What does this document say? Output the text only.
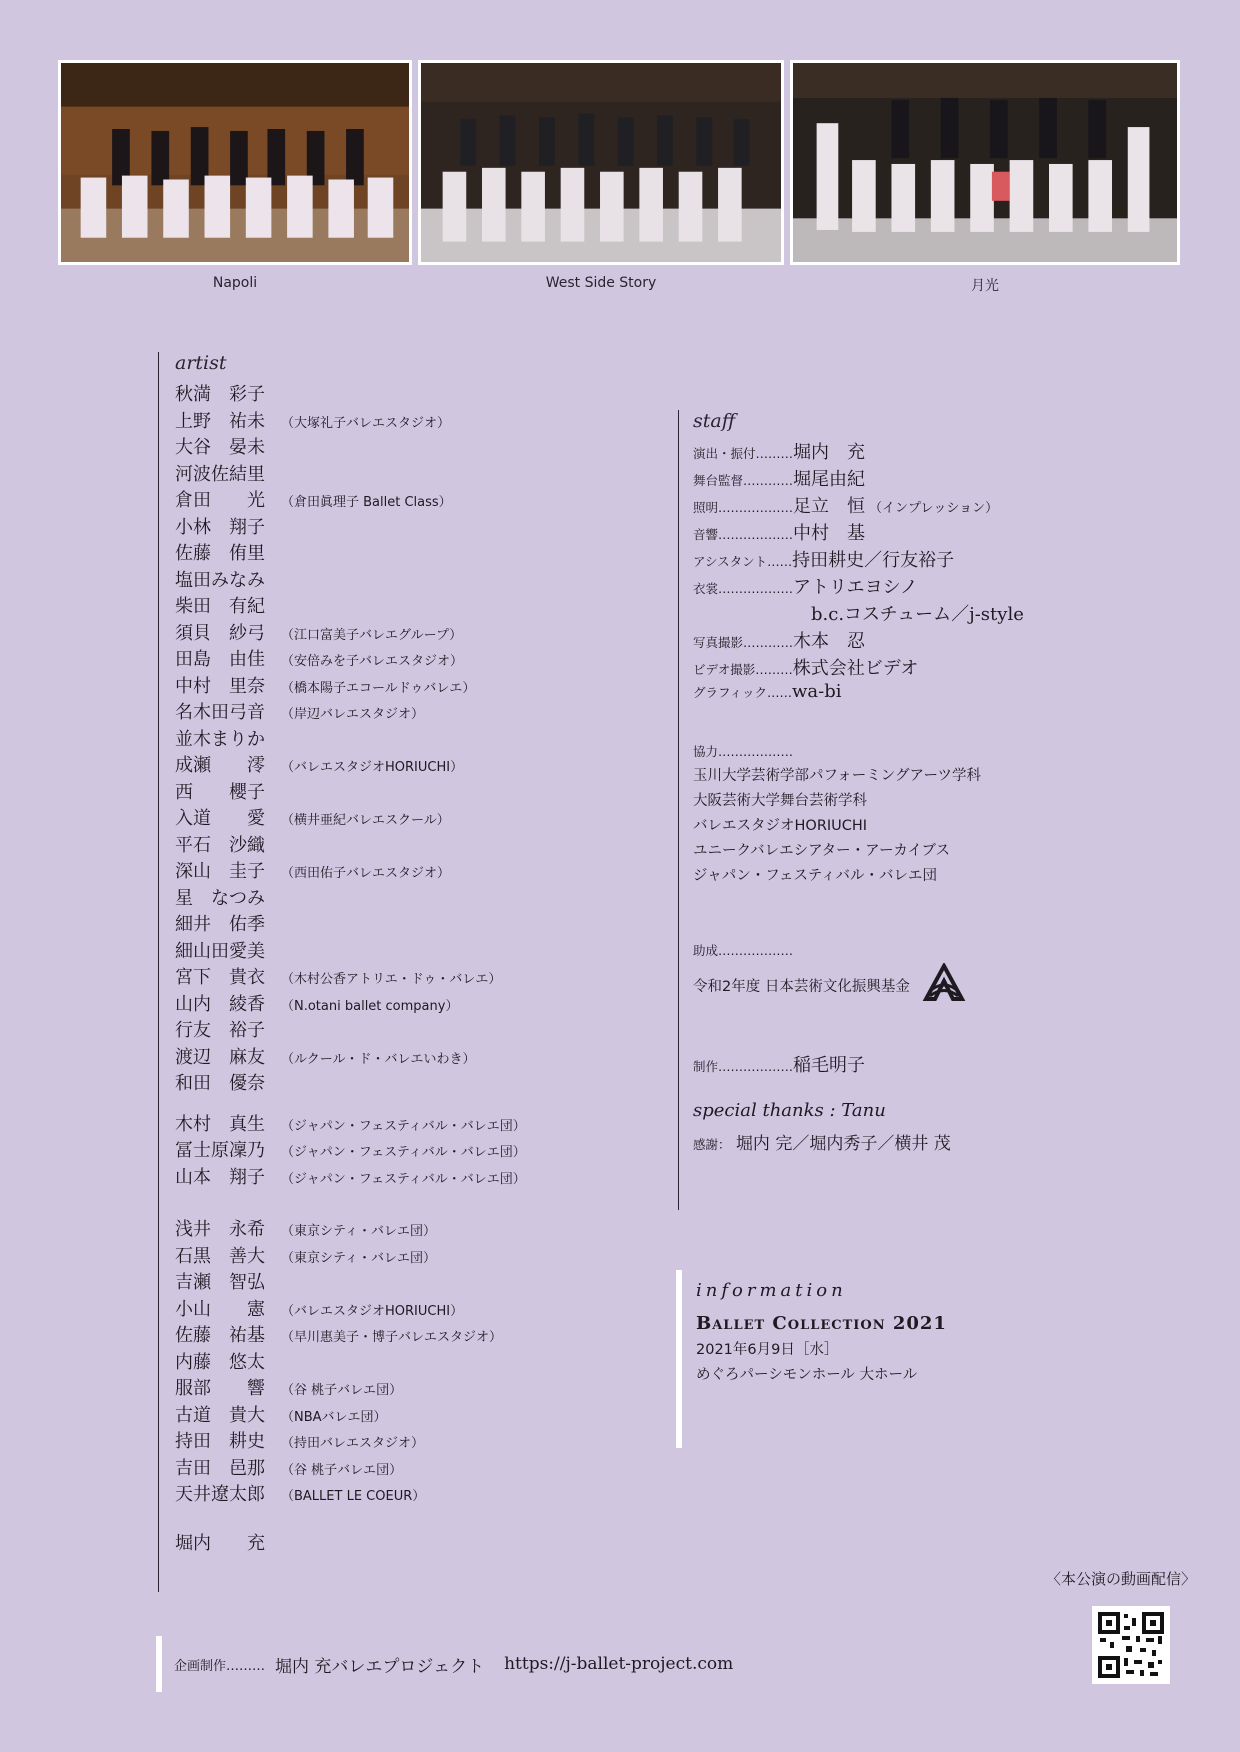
Napoli	West Side Story	月光
artist
秋満　彩子
上野　祐未	（大塚礼子バレエスタジオ）
大谷　晏未
河波佐結里
倉田　　光	（倉田眞理子 Ballet Class）
小林　翔子
佐藤　侑里
塩田みなみ
柴田　有紀
須貝　紗弓	（江口富美子バレエグループ）
田島　由佳	（安倍みを子バレエスタジオ）
中村　里奈	（橋本陽子エコールドゥバレエ）
名木田弓音	（岸辺バレエスタジオ）
並木まりか
成瀬　　澪	（バレエスタジオHORIUCHI）
西　　櫻子
入道　　愛	（横井亜紀バレエスクール）
平石　沙織
深山　圭子	（西田佑子バレエスタジオ）
星　なつみ
細井　佑季
細山田愛美
宮下　貴衣	（木村公香アトリエ・ドゥ・バレエ）
山内　綾香	（N.otani ballet company）
行友　裕子
渡辺　麻友	（ルクール・ド・バレエいわき）
和田　優奈
木村　真生	（ジャパン・フェスティバル・バレエ団）
冨士原凜乃	（ジャパン・フェスティバル・バレエ団）
山本　翔子	（ジャパン・フェスティバル・バレエ団）
浅井　永希	（東京シティ・バレエ団）
石黒　善大	（東京シティ・バレエ団）
吉瀬　智弘
小山　　憲	（バレエスタジオHORIUCHI）
佐藤　祐基	（早川惠美子・博子バレエスタジオ）
内藤　悠太
服部　　響	（谷 桃子バレエ団）
古道　貴大	（NBAバレエ団）
持田　耕史	（持田バレエスタジオ）
吉田　邑那	（谷 桃子バレエ団）
天井遼太郎	（BALLET LE COEUR）
堀内　　充
staff
演出・振付……… 堀内　充
舞台監督………… 堀尾由紀
照明……………… 足立　恒 （インプレッション）
音響……………… 中村　基
アシスタント…… 持田耕史／行友裕子
衣裳……………… アトリエヨシノ
b.c.コスチューム／j-style
写真撮影………… 木本　忍
ビデオ撮影……… 株式会社ビデオ
グラフィック…… wa-bi
協力………………
玉川大学芸術学部パフォーミングアーツ学科
大阪芸術大学舞台芸術学科
バレエスタジオHORIUCHI
ユニークバレエシアター・アーカイブス
ジャパン・フェスティバル・バレエ団
助成………………
令和2年度 日本芸術文化振興基金
制作……………… 稲毛明子
special thanks : Tanu
感謝： 堀内 完／堀内秀子／横井 茂
information
Ballet Collection 2021
2021年6月9日［水］
めぐろパーシモンホール 大ホール
企画制作……… 堀内 充バレエプロジェクト https://j-ballet-project.com
〈本公演の動画配信〉
